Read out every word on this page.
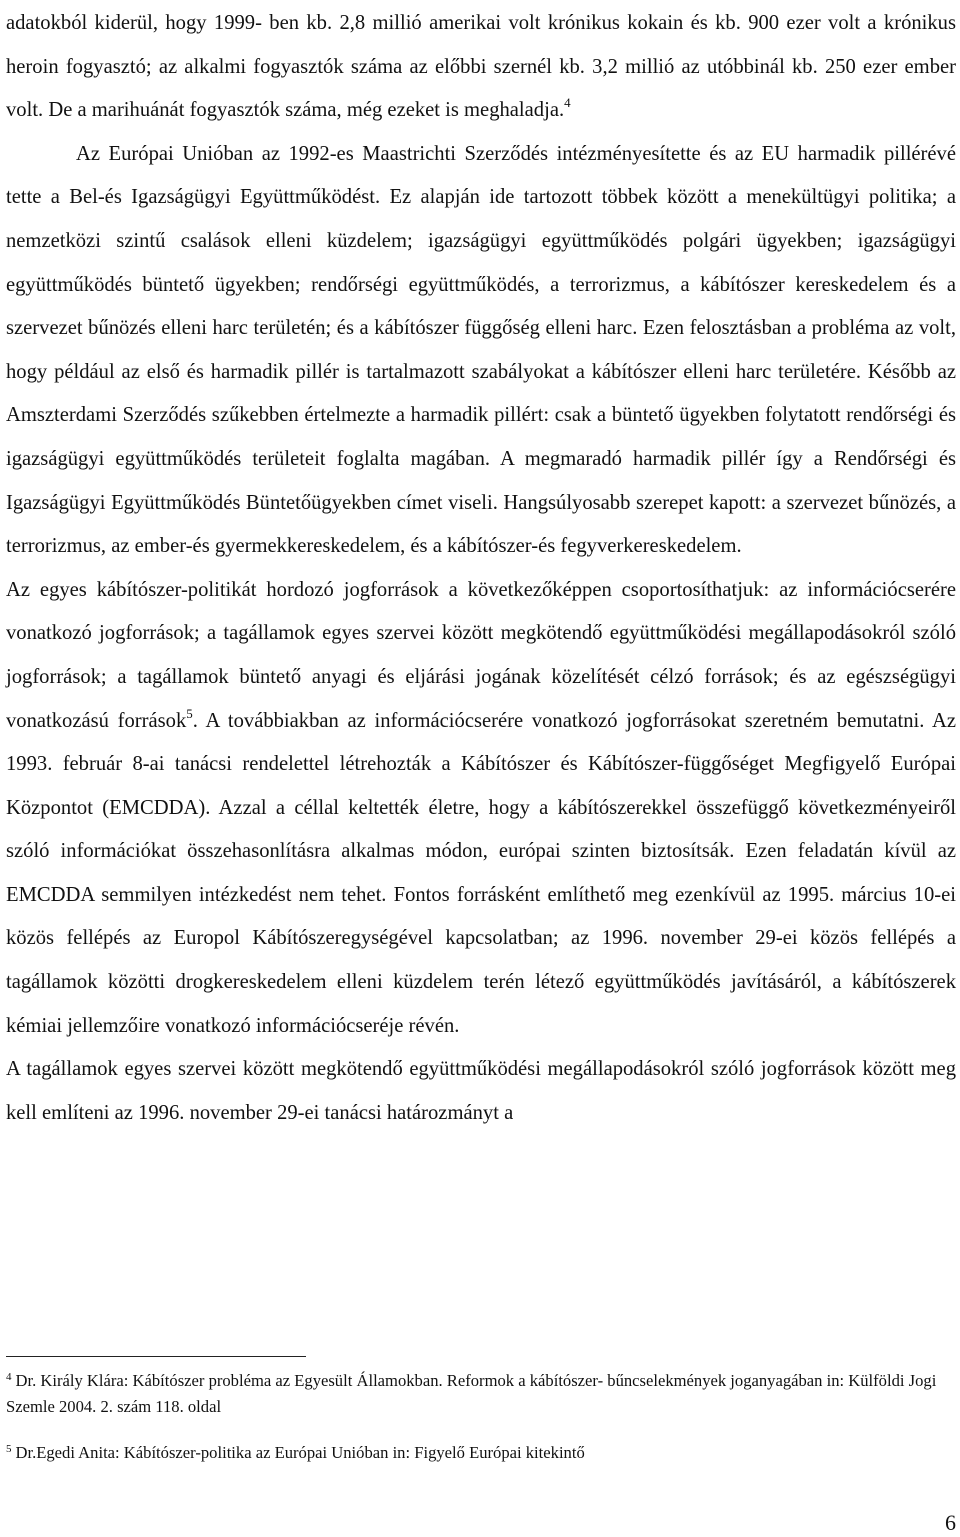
adatokból kiderül, hogy 1999- ben kb. 2,8 millió amerikai volt krónikus kokain és kb. 900 ezer volt a krónikus heroin fogyasztó; az alkalmi fogyasztók száma az előbbi szernél kb. 3,2 millió az utóbbinál kb. 250 ezer ember volt. De a marihuánát fogyasztók száma, még ezeket is meghaladja.$^4$

Az Európai Unióban az 1992-es Maastrichti Szerződés intézményesítette és az EU harmadik pillérévé tette a Bel-és Igazságügyi Együttműködést. Ez alapján ide tartozott többek között a menekültügyi politika; a nemzetközi szintű csalások elleni küzdelem; igazságügyi együttműködés polgári ügyekben; igazságügyi együttműködés büntető ügyekben; rendőrségi együttműködés, a terrorizmus, a kábítószer kereskedelem és a szervezet bűnözés elleni harc területén; és a kábítószer függőség elleni harc. Ezen felosztásban a probléma az volt, hogy például az első és harmadik pillér is tartalmazott szabályokat a kábítószer elleni harc területére. Később az Amszterdami Szerződés szűkebben értelmezte a harmadik pillért: csak a büntető ügyekben folytatott rendőrségi és igazságügyi együttműködés területeit foglalta magában. A megmaradó harmadik pillér így a Rendőrségi és Igazságügyi Együttműködés Büntetőügyekben címet viseli. Hangsúlyosabb szerepet kapott: a szervezet bűnözés, a terrorizmus, az ember-és gyermekkereskedelem, és a kábítószer-és fegyverkereskedelem.

Az egyes kábítószer-politikát hordozó jogforrások a következőképpen csoportosíthatjuk: az információcserére vonatkozó jogforrások; a tagállamok egyes szervei között megkötendő együttműködési megállapodásokról szóló jogforrások; a tagállamok büntető anyagi és eljárási jogának közelítését célzó források; és az egészségügyi vonatkozású források$^5$. A továbbiakban az információcserére vonatkozó jogforrásokat szeretném bemutatni. Az 1993. február 8-ai tanácsi rendelettel létrehozták a Kábítószer és Kábítószer-függőséget Megfigyelő Európai Központot (EMCDDA). Azzal a céllal keltették életre, hogy a kábítószerekkel összefüggő következményeiről szóló információkat összehasonlításra alkalmas módon, európai szinten biztosítsák. Ezen feladatán kívül az EMCDDA semmilyen intézkedést nem tehet. Fontos forrásként említhető meg ezenkívül az 1995. március 10-ei közös fellépés az Europol Kábítószeregységével kapcsolatban; az 1996. november 29-ei közös fellépés a tagállamok közötti drogkereskedelem elleni küzdelem terén létező együttműködés javításáról, a kábítószerek kémiai jellemzőire vonatkozó információcseréje révén.

A tagállamok egyes szervei között megkötendő együttműködési megállapodásokról szóló jogforrások között meg kell említeni az 1996. november 29-ei tanácsi határozmányt a

$^4$ Dr. Király Klára: Kábítószer probléma az Egyesült Államokban. Reformok a kábítószer- bűncselekmények joganyagában in: Külföldi Jogi Szemle 2004. 2. szám 118. oldal

$^5$ Dr.Egedi Anita: Kábítószer-politika az Európai Unióban in: Figyelő Európai kitekintő

6
